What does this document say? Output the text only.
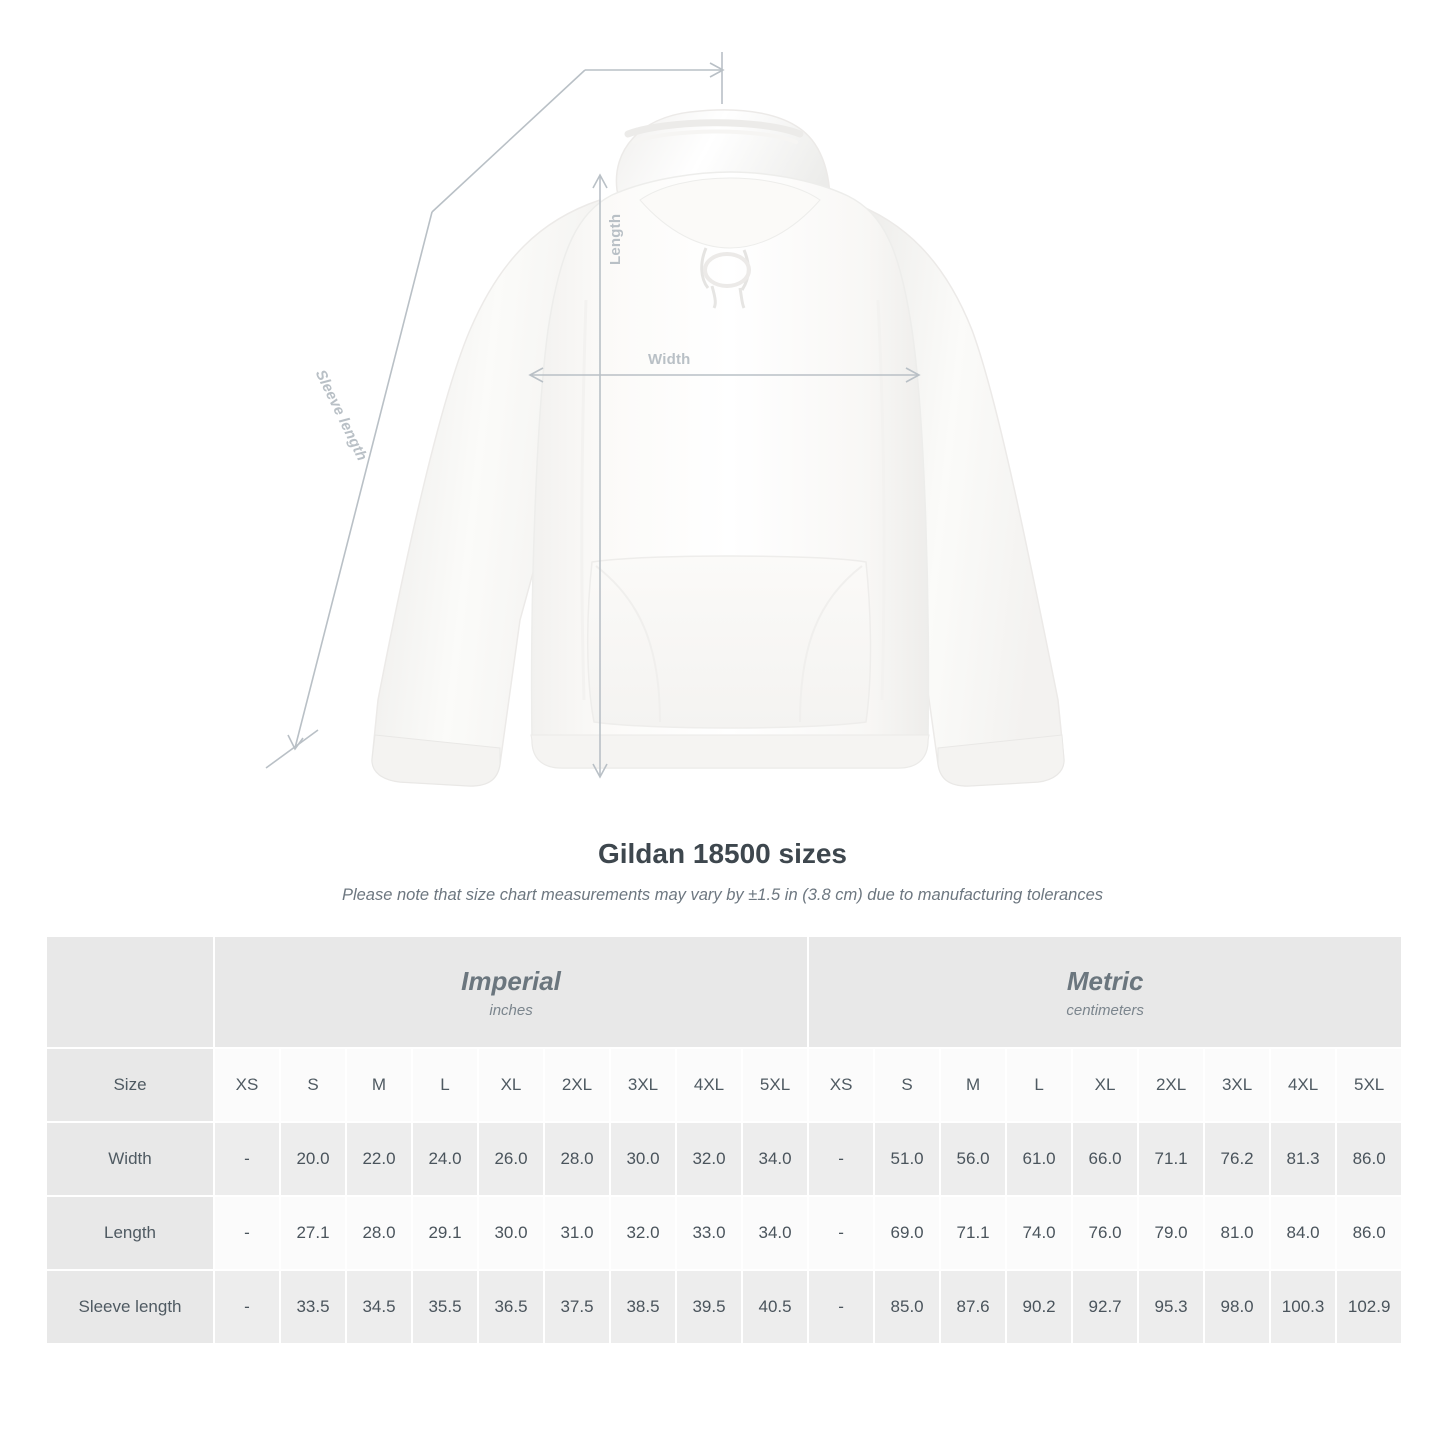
Width
Length
Sleeve length
Gildan 18500 sizes

Please note that size chart measurements may vary by ±1.5 in (3.8 cm) due to manufacturing tolerances

Imperial
inches

Metric
centimeters

Size	XS	S	M	L	XL	2XL	3XL	4XL	5XL	XS	S	M	L	XL	2XL	3XL	4XL	5XL
Width	-	20.0	22.0	24.0	26.0	28.0	30.0	32.0	34.0	-	51.0	56.0	61.0	66.0	71.1	76.2	81.3	86.0
Length	-	27.1	28.0	29.1	30.0	31.0	32.0	33.0	34.0	-	69.0	71.1	74.0	76.0	79.0	81.0	84.0	86.0
Sleeve length	-	33.5	34.5	35.5	36.5	37.5	38.5	39.5	40.5	-	85.0	87.6	90.2	92.7	95.3	98.0	100.3	102.9
